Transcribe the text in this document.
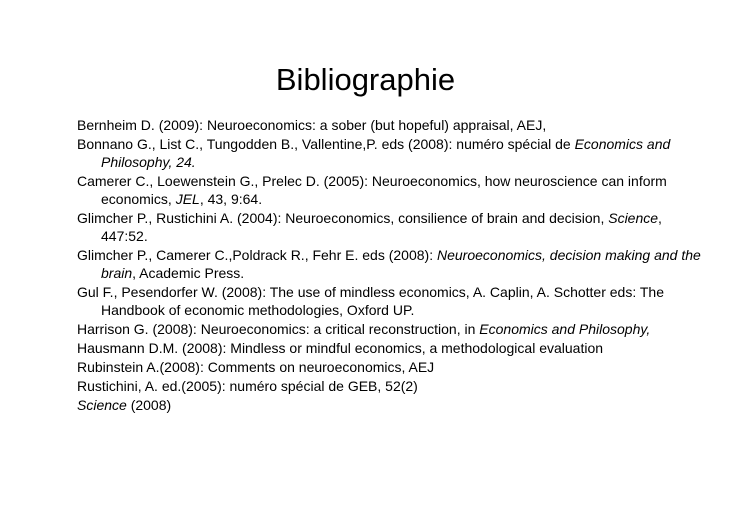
Bibliographie
Bernheim D. (2009): Neuroeconomics: a sober (but hopeful) appraisal, AEJ,
Bonnano G., List C., Tungodden B., Vallentine,P. eds (2008): numéro spécial de Economics and Philosophy, 24.
Camerer C., Loewenstein G., Prelec D. (2005): Neuroeconomics, how neuroscience can inform economics, JEL, 43, 9:64.
Glimcher P., Rustichini A. (2004): Neuroeconomics, consilience of brain and decision, Science, 447:52.
Glimcher P., Camerer C.,Poldrack R., Fehr E. eds (2008): Neuroeconomics, decision making and the brain, Academic Press.
Gul F., Pesendorfer W. (2008): The use of mindless economics, A. Caplin, A. Schotter eds: The Handbook of economic methodologies, Oxford UP.
Harrison G. (2008): Neuroeconomics: a critical reconstruction, in Economics and Philosophy,
Hausmann D.M. (2008): Mindless or mindful economics, a methodological evaluation
Rubinstein A.(2008): Comments on neuroeconomics, AEJ
Rustichini, A. ed.(2005): numéro spécial de GEB, 52(2)
Science (2008)
